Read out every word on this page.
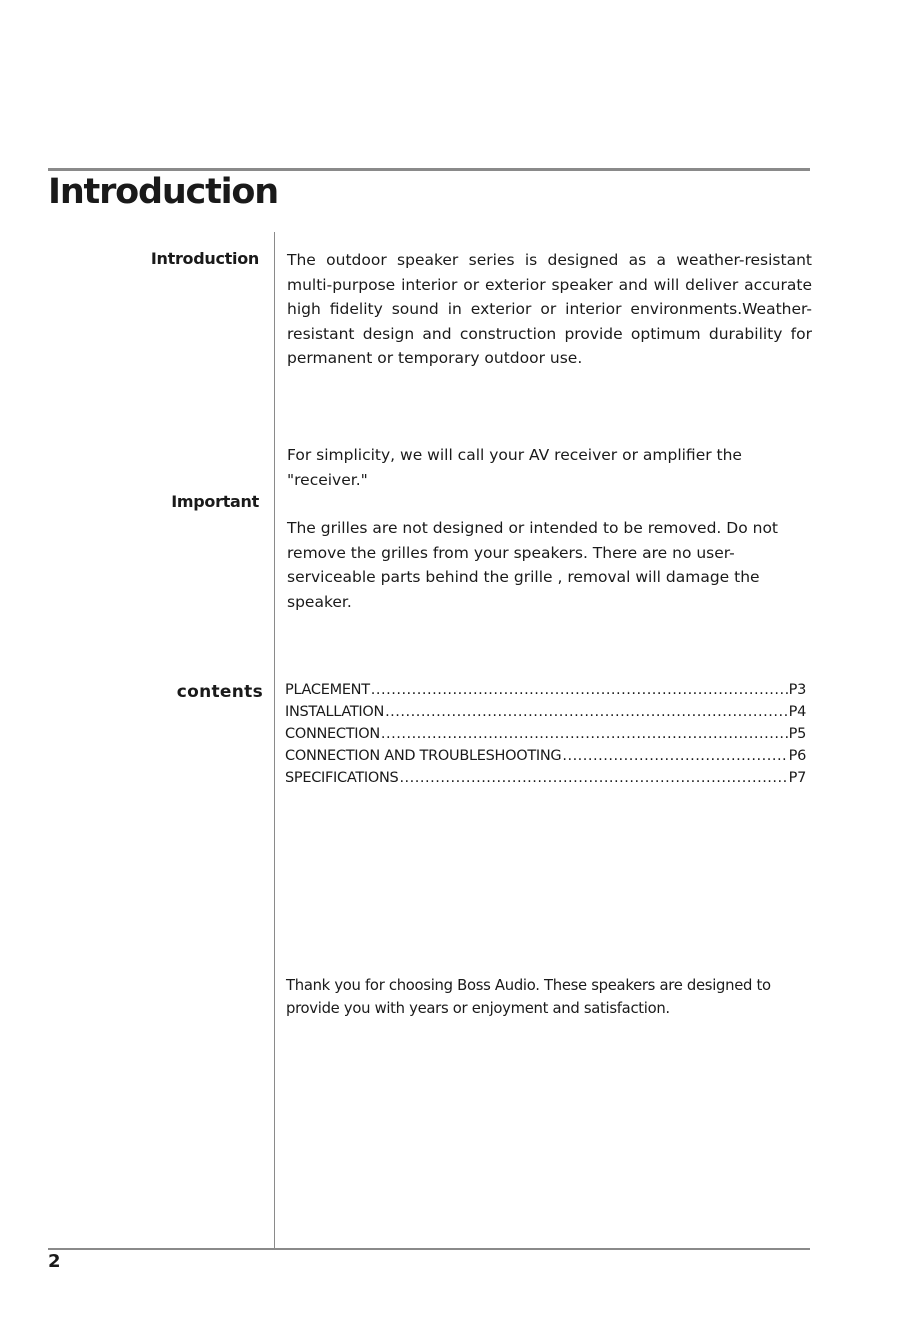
Introduction
Introduction The outdoor speaker series is designed as a weather-resistant multi-purpose interior or exterior speaker and will deliver accurate high fidelity sound in exterior or interior environments.Weather-resistant design and construction provide optimum durability for permanent or temporary outdoor use.

For simplicity, we will call your AV receiver or amplifier the "receiver."

Important

The grilles are not designed or intended to be removed. Do not remove the grilles from your speakers. There are no user-serviceable parts behind the grille , removal will damage the speaker.

contents PLACEMENT .....	P3
INSTALLATION .....	P4
CONNECTION .....	P5
CONNECTION AND TROUBLESHOOTING .....	P6
SPECIFICATIONS .....	P7

Thank you for choosing Boss Audio. These speakers are designed to
provide you with years or enjoyment and satisfaction.

2
